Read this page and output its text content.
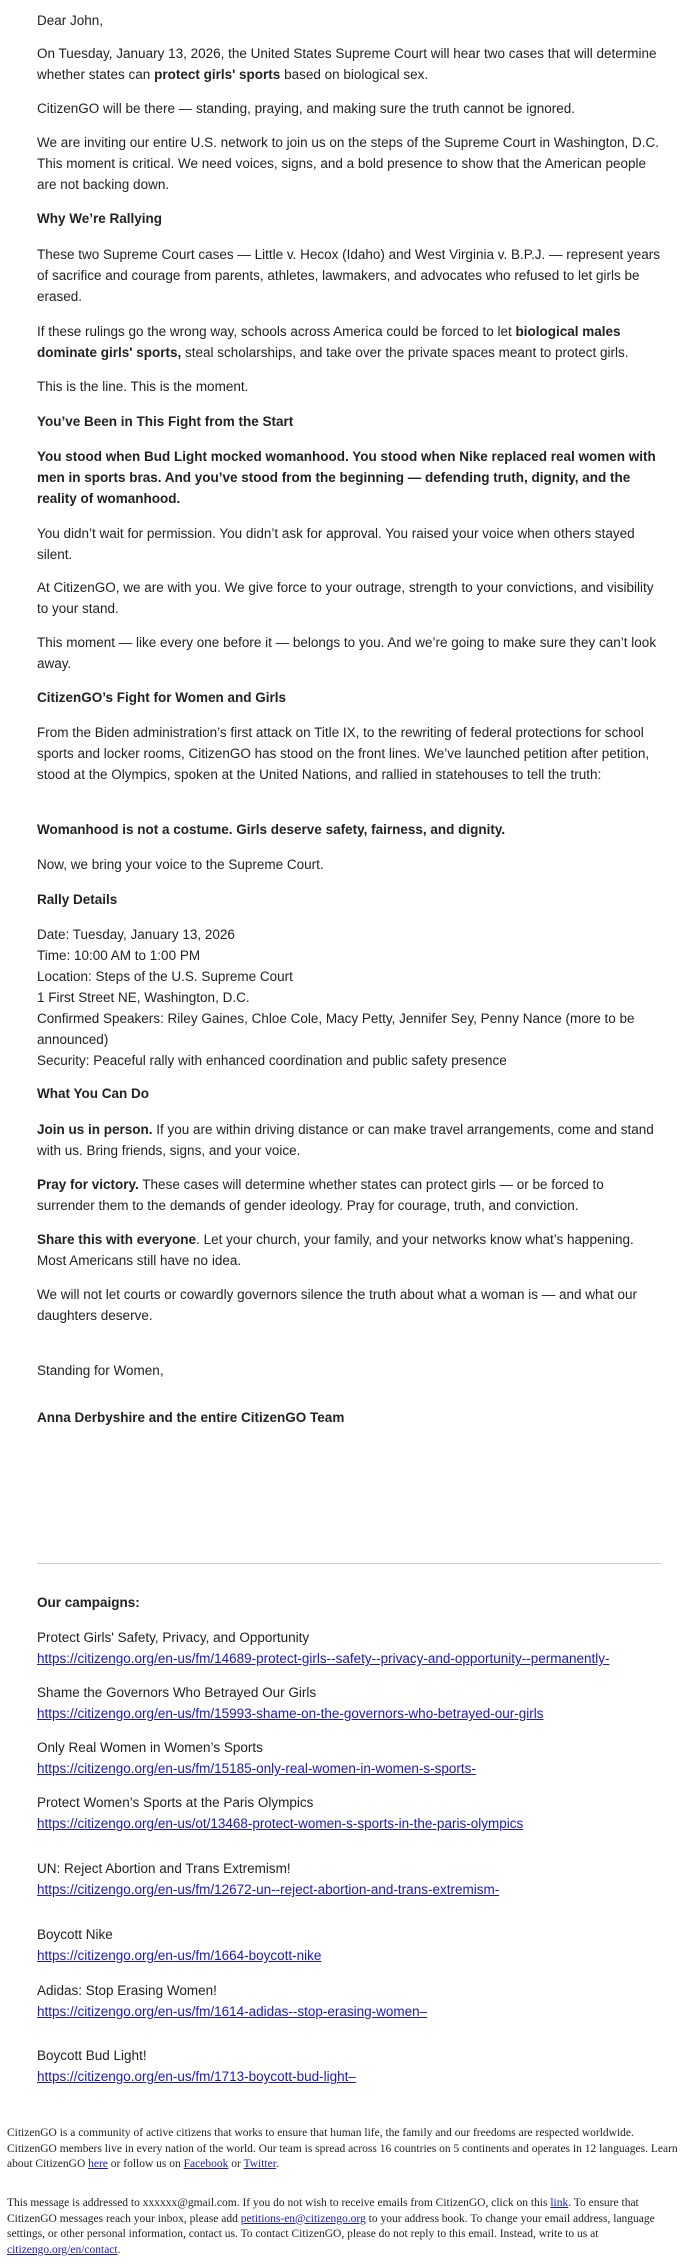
Dear John,

On Tuesday, January 13, 2026, the United States Supreme Court will hear two cases that will determine whether states can protect girls' sports based on biological sex.

CitizenGO will be there — standing, praying, and making sure the truth cannot be ignored.

We are inviting our entire U.S. network to join us on the steps of the Supreme Court in Washington, D.C. This moment is critical. We need voices, signs, and a bold presence to show that the American people are not backing down.

Why We’re Rallying

These two Supreme Court cases — Little v. Hecox (Idaho) and West Virginia v. B.P.J. — represent years of sacrifice and courage from parents, athletes, lawmakers, and advocates who refused to let girls be erased.

If these rulings go the wrong way, schools across America could be forced to let biological males dominate girls' sports, steal scholarships, and take over the private spaces meant to protect girls.

This is the line. This is the moment.

You’ve Been in This Fight from the Start

You stood when Bud Light mocked womanhood. You stood when Nike replaced real women with men in sports bras. And you’ve stood from the beginning — defending truth, dignity, and the reality of womanhood.

You didn’t wait for permission. You didn’t ask for approval. You raised your voice when others stayed silent.

At CitizenGO, we are with you. We give force to your outrage, strength to your convictions, and visibility to your stand.

This moment — like every one before it — belongs to you. And we’re going to make sure they can’t look away.

CitizenGO’s Fight for Women and Girls

From the Biden administration’s first attack on Title IX, to the rewriting of federal protections for school sports and locker rooms, CitizenGO has stood on the front lines. We’ve launched petition after petition, stood at the Olympics, spoken at the United Nations, and rallied in statehouses to tell the truth:

Womanhood is not a costume. Girls deserve safety, fairness, and dignity.

Now, we bring your voice to the Supreme Court.

Rally Details

Date: Tuesday, January 13, 2026
Time: 10:00 AM to 1:00 PM
Location: Steps of the U.S. Supreme Court
1 First Street NE, Washington, D.C.
Confirmed Speakers: Riley Gaines, Chloe Cole, Macy Petty, Jennifer Sey, Penny Nance (more to be announced)
Security: Peaceful rally with enhanced coordination and public safety presence

What You Can Do

Join us in person. If you are within driving distance or can make travel arrangements, come and stand with us. Bring friends, signs, and your voice.

Pray for victory. These cases will determine whether states can protect girls — or be forced to surrender them to the demands of gender ideology. Pray for courage, truth, and conviction.

Share this with everyone. Let your church, your family, and your networks know what’s happening. Most Americans still have no idea.

We will not let courts or cowardly governors silence the truth about what a woman is — and what our daughters deserve.

Standing for Women,

Anna Derbyshire and the entire CitizenGO Team

Our campaigns:
Protect Girls' Safety, Privacy, and Opportunity
https://citizengo.org/en-us/fm/14689-protect-girls--safety--privacy-and-opportunity--permanently-
Shame the Governors Who Betrayed Our Girls
https://citizengo.org/en-us/fm/15993-shame-on-the-governors-who-betrayed-our-girls
Only Real Women in Women’s Sports
https://citizengo.org/en-us/fm/15185-only-real-women-in-women-s-sports-
Protect Women’s Sports at the Paris Olympics
https://citizengo.org/en-us/ot/13468-protect-women-s-sports-in-the-paris-olympics
UN: Reject Abortion and Trans Extremism!
https://citizengo.org/en-us/fm/12672-un--reject-abortion-and-trans-extremism-
Boycott Nike
https://citizengo.org/en-us/fm/1664-boycott-nike
Adidas: Stop Erasing Women!
https://citizengo.org/en-us/fm/1614-adidas--stop-erasing-women–
Boycott Bud Light!
https://citizengo.org/en-us/fm/1713-boycott-bud-light–
CitizenGO is a community of active citizens that works to ensure that human life, the family and our freedoms are respected worldwide. CitizenGO members live in every nation of the world. Our team is spread across 16 countries on 5 continents and operates in 12 languages. Learn about CitizenGO here or follow us on Facebook or Twitter.
This message is addressed to xxxxxx@gmail.com. If you do not wish to receive emails from CitizenGO, click on this link. To ensure that CitizenGO messages reach your inbox, please add petitions-en@citizengo.org to your address book. To change your email address, language settings, or other personal information, contact us. To contact CitizenGO, please do not reply to this email. Instead, write to us at citizengo.org/en/contact.
